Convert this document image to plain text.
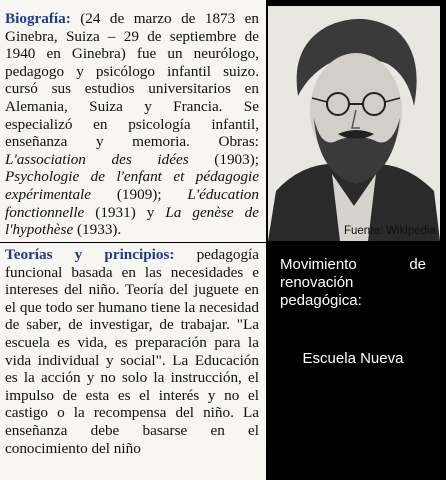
Biografía: (24 de marzo de 1873 en Ginebra, Suiza – 29 de septiembre de 1940 en Ginebra) fue un neurólogo, pedagogo y psicólogo infantil suizo. cursó sus estudios universitarios en Alemania, Suiza y Francia. Se especializó en psicología infantil, enseñanza y memoria. Obras: L'association des idées (1903); Psychologie de l'enfant et pédagogie expérimentale (1909); L'éducation fonctionnelle (1931) y La genèse de l'hypothèse (1933).	Fuente: Wikipedia
Teorías y principios: pedagogía funcional basada en las necesidades e intereses del niño. Teoría del juguete en el que todo ser humano tiene la necesidad de saber, de investigar, de trabajar. "La escuela es vida, es preparación para la vida individual y social". La Educación es la acción y no solo la instrucción, el impulso de esta es el interés y no el castigo o la recompensa del niño. La enseñanza debe basarse en el conocimiento del niño
Movimiento	de
renovación
pedagógica:
Escuela Nueva
